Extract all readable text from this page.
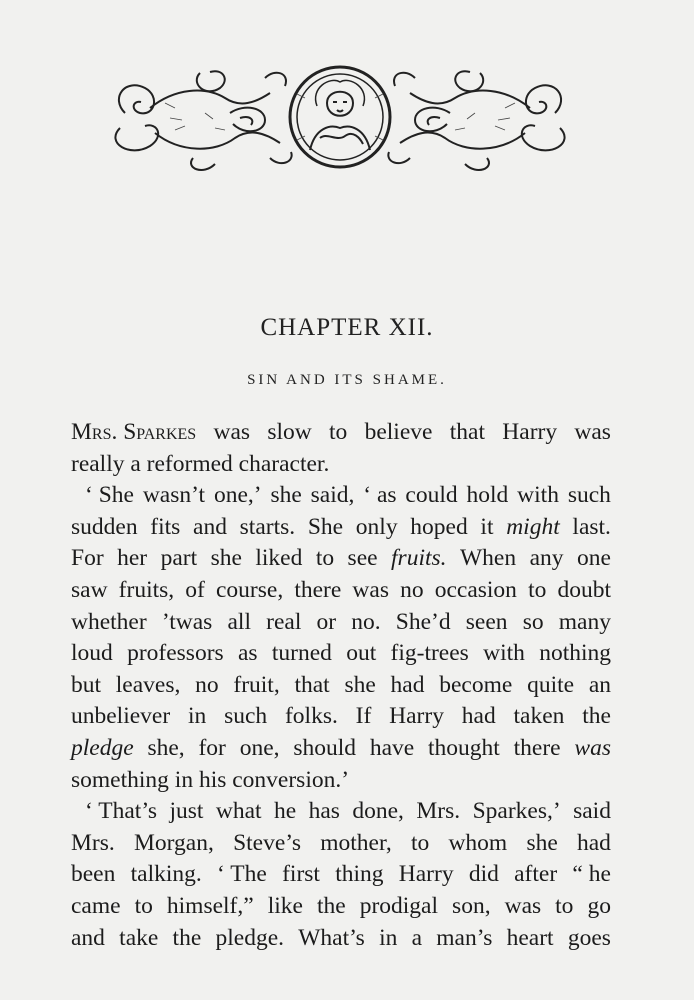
CHAPTER XII.
SIN AND ITS SHAME.
Mrs. Sparkes was slow to believe that Harry was
really a reformed character.
‘ She wasn’t one,’ she said, ‘ as could hold with such
sudden fits and starts. She only hoped it might last.
For her part she liked to see fruits. When any one
saw fruits, of course, there was no occasion to doubt
whether ’twas all real or no. She’d seen so many
loud professors as turned out fig-trees with nothing
but leaves, no fruit, that she had become quite an
unbeliever in such folks. If Harry had taken the
pledge she, for one, should have thought there was
something in his conversion.’
‘ That’s just what he has done, Mrs. Sparkes,’ said
Mrs. Morgan, Steve’s mother, to whom she had
been talking. ‘ The first thing Harry did after “ he
came to himself,” like the prodigal son, was to go
and take the pledge. What’s in a man’s heart goes
